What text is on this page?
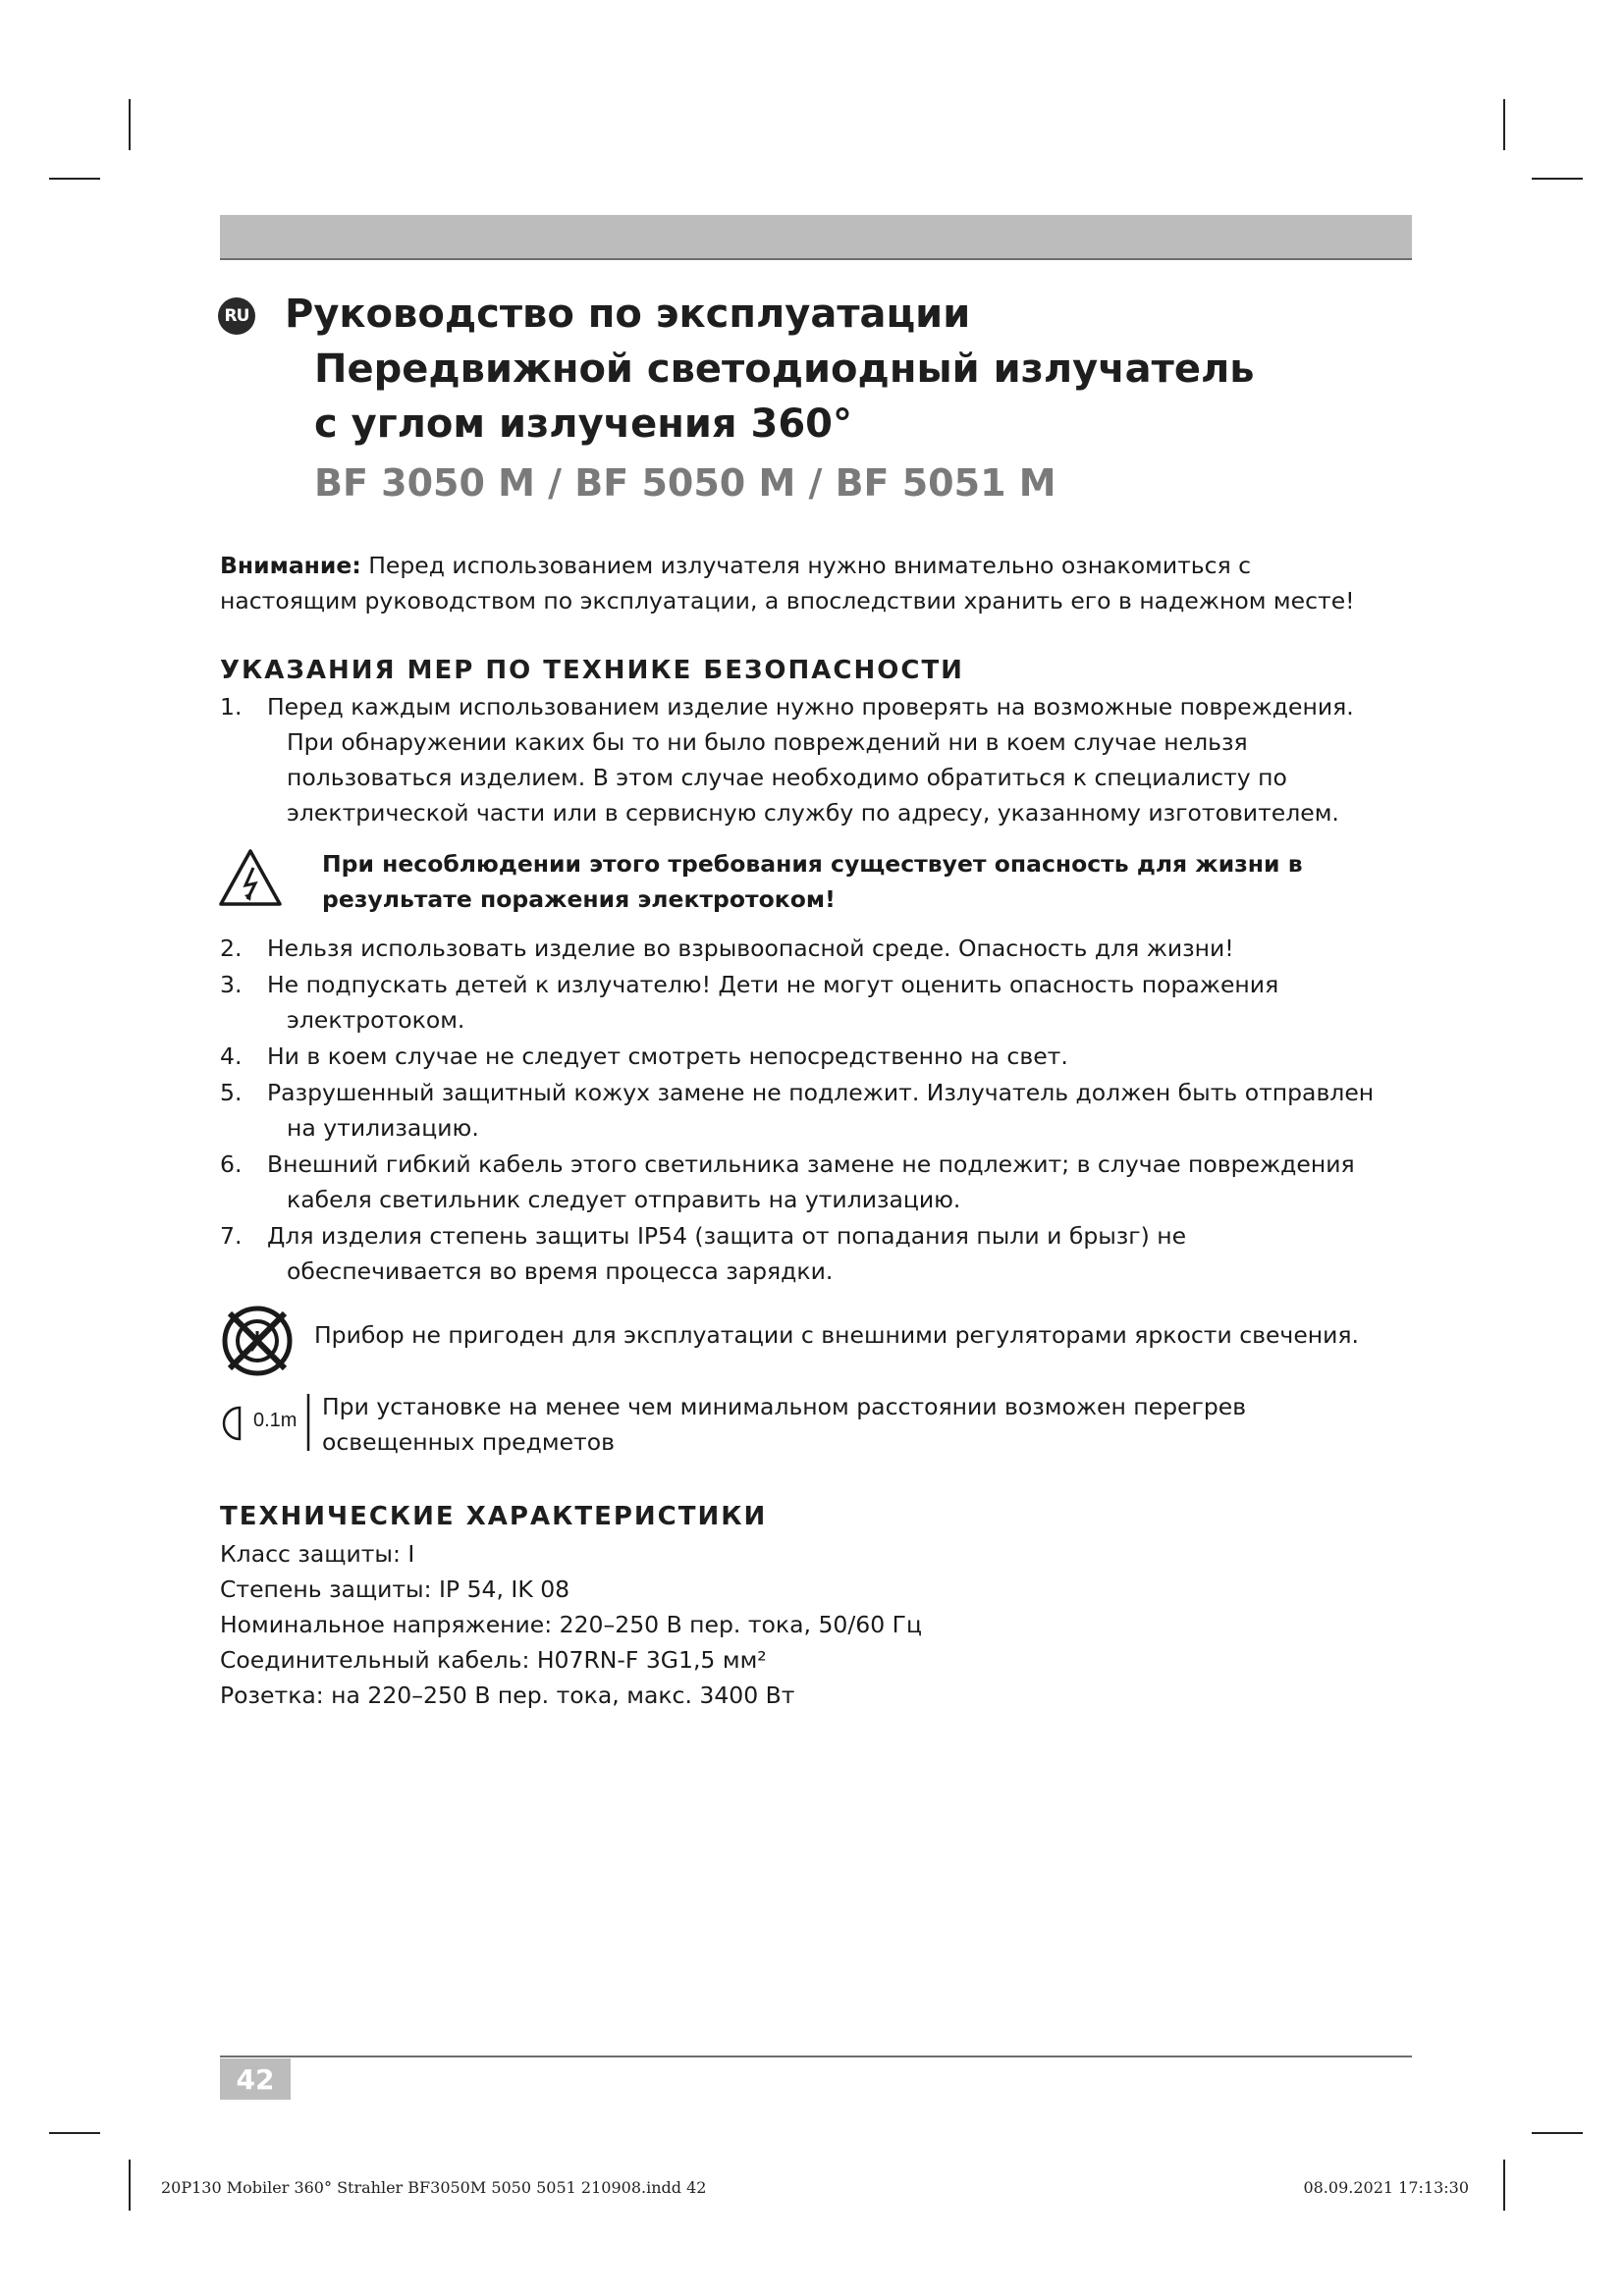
RU Руководство по эксплуатации
Передвижной светодиодный излучатель
с углом излучения 360°
BF 3050 M / BF 5050 M / BF 5051 M

Внимание: Перед использованием излучателя нужно внимательно ознакомиться с
настоящим руководством по эксплуатации, а впоследствии хранить его в надежном месте!

УКАЗАНИЯ МЕР ПО ТЕХНИКЕ БЕЗОПАСНОСТИ
1. Перед каждым использованием изделие нужно проверять на возможные повреждения.
При обнаружении каких бы то ни было повреждений ни в коем случае нельзя
пользоваться изделием. В этом случае необходимо обратиться к специалисту по
электрической части или в сервисную службу по адресу, указанному изготовителем.

При несоблюдении этого требования существует опасность для жизни в
результате поражения электротоком!

2. Нельзя использовать изделие во взрывоопасной среде. Опасность для жизни!
3. Не подпускать детей к излучателю! Дети не могут оценить опасность поражения
электротоком.
4. Ни в коем случае не следует смотреть непосредственно на свет.
5. Разрушенный защитный кожух замене не подлежит. Излучатель должен быть отправлен
на утилизацию.
6. Внешний гибкий кабель этого светильника замене не подлежит; в случае повреждения
кабеля светильник следует отправить на утилизацию.
7. Для изделия степень защиты IP54 (защита от попадания пыли и брызг) не
обеспечивается во время процесса зарядки.

Прибор не пригоден для эксплуатации с внешними регуляторами яркости свечения.

0.1m При установке на менее чем минимальном расстоянии возможен перегрев
освещенных предметов

ТЕХНИЧЕСКИЕ ХАРАКТЕРИСТИКИ
Класс защиты: I
Степень защиты: IP 54, IK 08
Номинальное напряжение: 220–250 В пер. тока, 50/60 Гц
Соединительный кабель: H07RN-F 3G1,5 мм²
Розетка: на 220–250 В пер. тока, макс. 3400 Вт
42

20P130 Mobiler 360° Strahler BF3050M 5050 5051 210908.indd 42	08.09.2021 17:13:30
